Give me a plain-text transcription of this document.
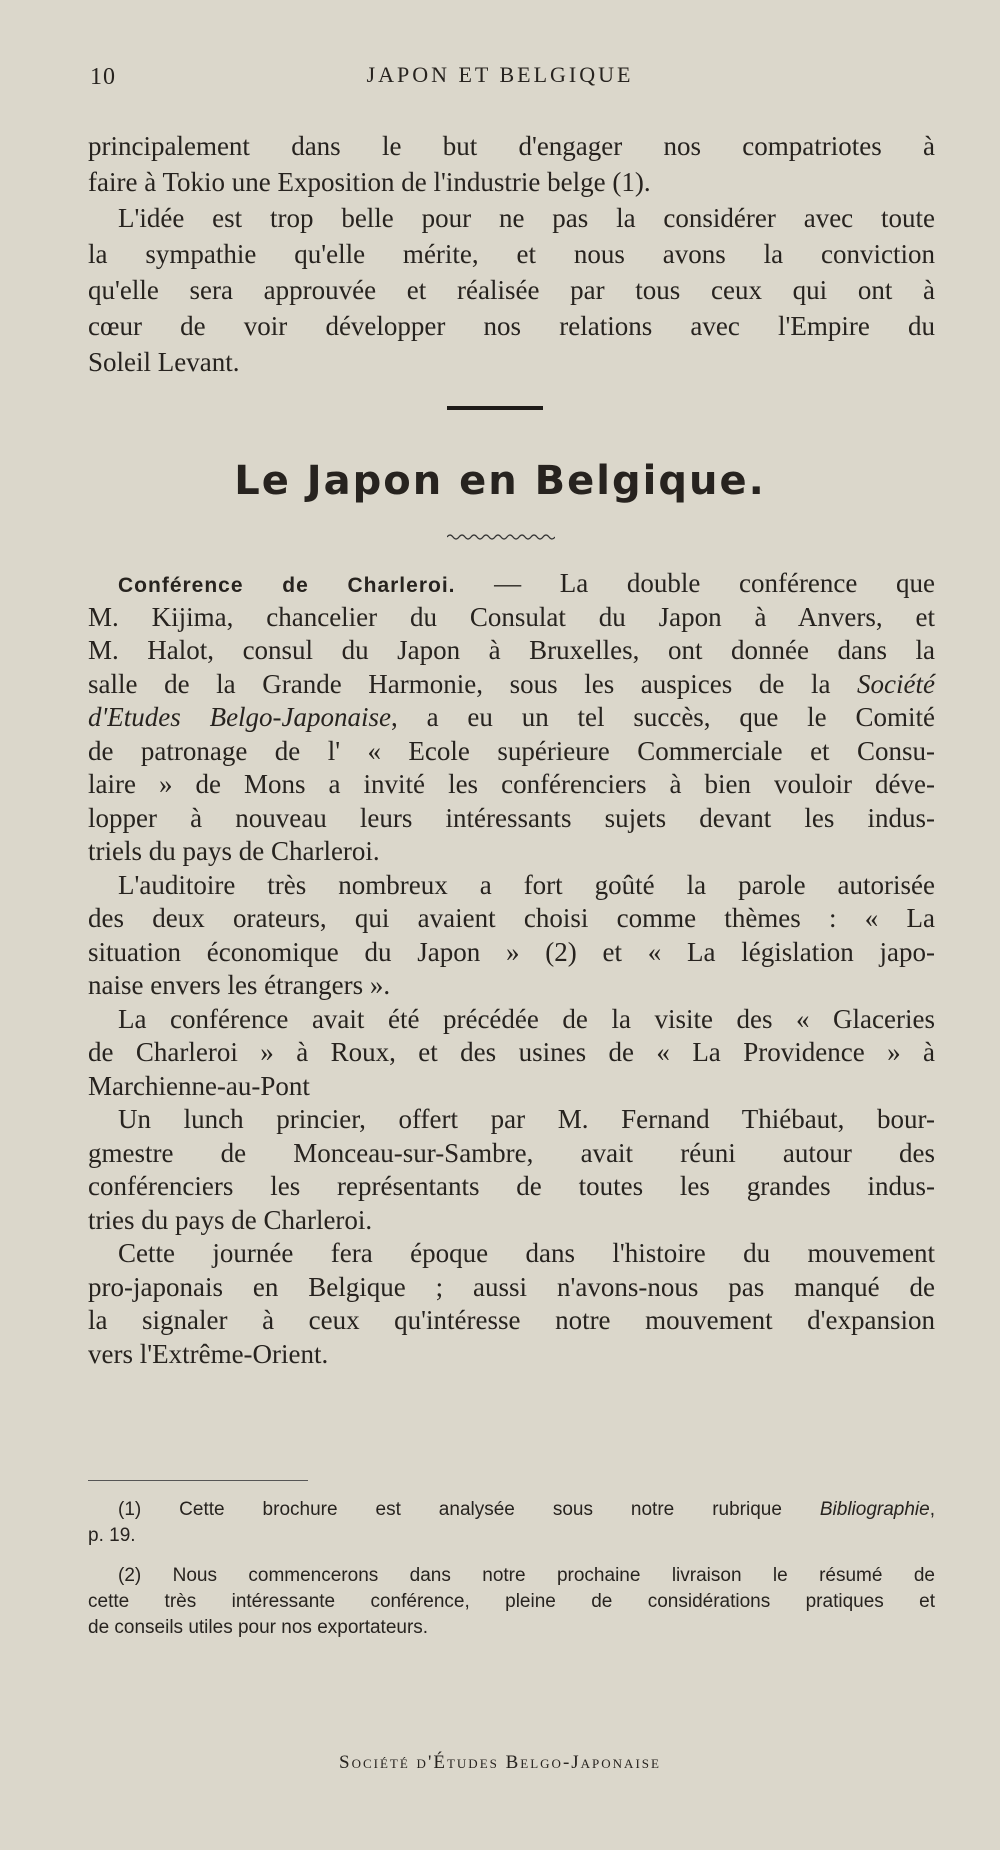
10	JAPON ET BELGIQUE
principalement dans le but d'engager nos compatriotes à
faire à Tokio une Exposition de l'industrie belge (1).
L'idée est trop belle pour ne pas la considérer avec toute
la sympathie qu'elle mérite, et nous avons la conviction
qu'elle sera approuvée et réalisée par tous ceux qui ont à
cœur de voir développer nos relations avec l'Empire du
Soleil Levant.
Le Japon en Belgique.
Conférence de Charleroi. — La double conférence que
M. Kijima, chancelier du Consulat du Japon à Anvers, et
M. Halot, consul du Japon à Bruxelles, ont donnée dans la
salle de la Grande Harmonie, sous les auspices de la Société
d'Etudes Belgo-Japonaise, a eu un tel succès, que le Comité
de patronage de l' « Ecole supérieure Commerciale et Consu-
laire » de Mons a invité les conférenciers à bien vouloir déve-
lopper à nouveau leurs intéressants sujets devant les indus-
triels du pays de Charleroi.
L'auditoire très nombreux a fort goûté la parole autorisée
des deux orateurs, qui avaient choisi comme thèmes : « La
situation économique du Japon » (2) et « La législation japo-
naise envers les étrangers ».
La conférence avait été précédée de la visite des « Glaceries
de Charleroi » à Roux, et des usines de « La Providence » à
Marchienne-au-Pont
Un lunch princier, offert par M. Fernand Thiébaut, bour-
gmestre de Monceau-sur-Sambre, avait réuni autour des
conférenciers les représentants de toutes les grandes indus-
tries du pays de Charleroi.
Cette journée fera époque dans l'histoire du mouvement
pro-japonais en Belgique ; aussi n'avons-nous pas manqué de
la signaler à ceux qu'intéresse notre mouvement d'expansion
vers l'Extrême-Orient.
(1) Cette brochure est analysée sous notre rubrique Bibliographie,
p. 19.
(2) Nous commencerons dans notre prochaine livraison le résumé de
cette très intéressante conférence, pleine de considérations pratiques et
de conseils utiles pour nos exportateurs.
Société d'Études Belgo-Japonaise
